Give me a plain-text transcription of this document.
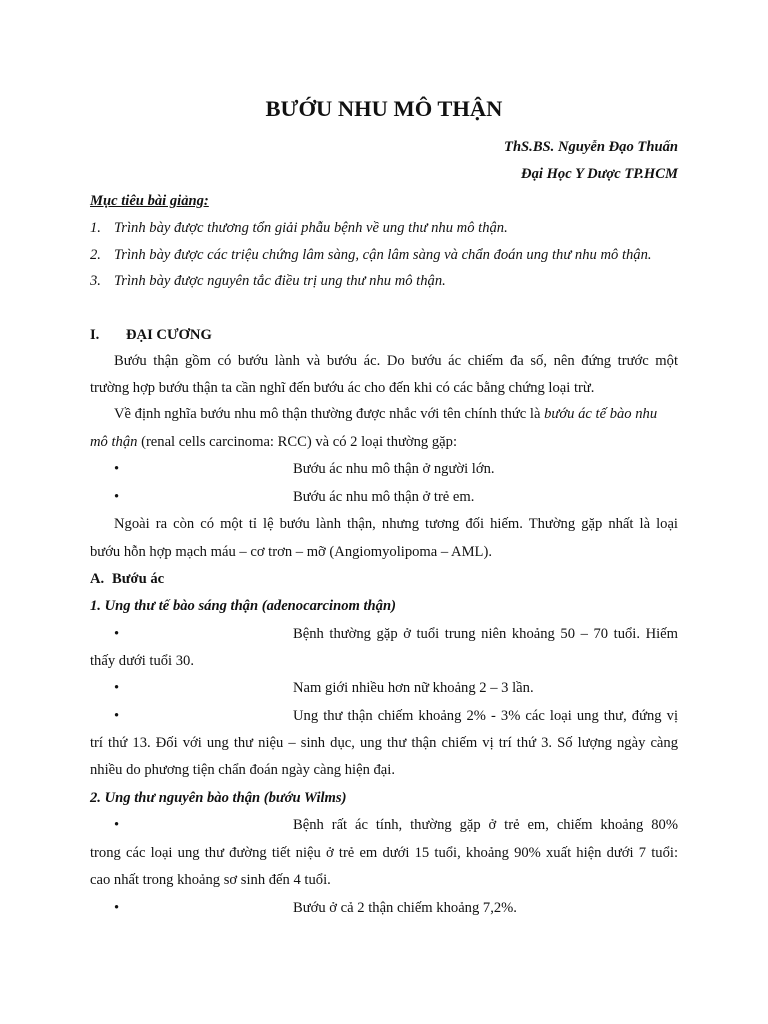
BƯỚU NHU MÔ THẬN

ThS.BS. Nguyễn Đạo Thuấn

Đại Học Y Dược TP.HCM

Mục tiêu bài giảng:

1. Trình bày được thương tổn giải phẫu bệnh về ung thư nhu mô thận.

2. Trình bày được các triệu chứng lâm sàng, cận lâm sàng và chẩn đoán ung thư nhu mô thận.

3. Trình bày được nguyên tắc điều trị ung thư nhu mô thận.

I. ĐẠI CƯƠNG

Bướu thận gồm có bướu lành và bướu ác. Do bướu ác chiếm đa số, nên đứng trước một

trường hợp bướu thận ta cần nghĩ đến bướu ác cho đến khi có các bằng chứng loại trừ.

Về định nghĩa bướu nhu mô thận thường được nhắc với tên chính thức là bướu ác tế bào nhu

mô thận (renal cells carcinoma: RCC) và có 2 loại thường gặp:

•	Bướu ác nhu mô thận ở người lớn.

•	Bướu ác nhu mô thận ở trẻ em.

Ngoài ra còn có một tỉ lệ bướu lành thận, nhưng tương đối hiếm. Thường gặp nhất là loại

bướu hỗn hợp mạch máu – cơ trơn – mỡ (Angiomyolipoma – AML).

A. Bướu ác

1. Ung thư tế bào sáng thận (adenocarcinom thận)

•	Bệnh thường gặp ở tuổi trung niên khoảng 50 – 70 tuổi. Hiếm

thấy dưới tuổi 30.

•	Nam giới nhiều hơn nữ khoảng 2 – 3 lần.

•	Ung thư thận chiếm khoảng 2% - 3% các loại ung thư, đứng vị

trí thứ 13. Đối với ung thư niệu – sinh dục, ung thư thận chiếm vị trí thứ 3. Số lượng ngày càng

nhiều do phương tiện chẩn đoán ngày càng hiện đại.

2. Ung thư nguyên bào thận (bướu Wilms)

•	Bệnh rất ác tính, thường gặp ở trẻ em, chiếm khoảng 80%

trong các loại ung thư đường tiết niệu ở trẻ em dưới 15 tuổi, khoảng 90% xuất hiện dưới 7 tuổi:

cao nhất trong khoảng sơ sinh đến 4 tuổi.

•	Bướu ở cả 2 thận chiếm khoảng 7,2%.
